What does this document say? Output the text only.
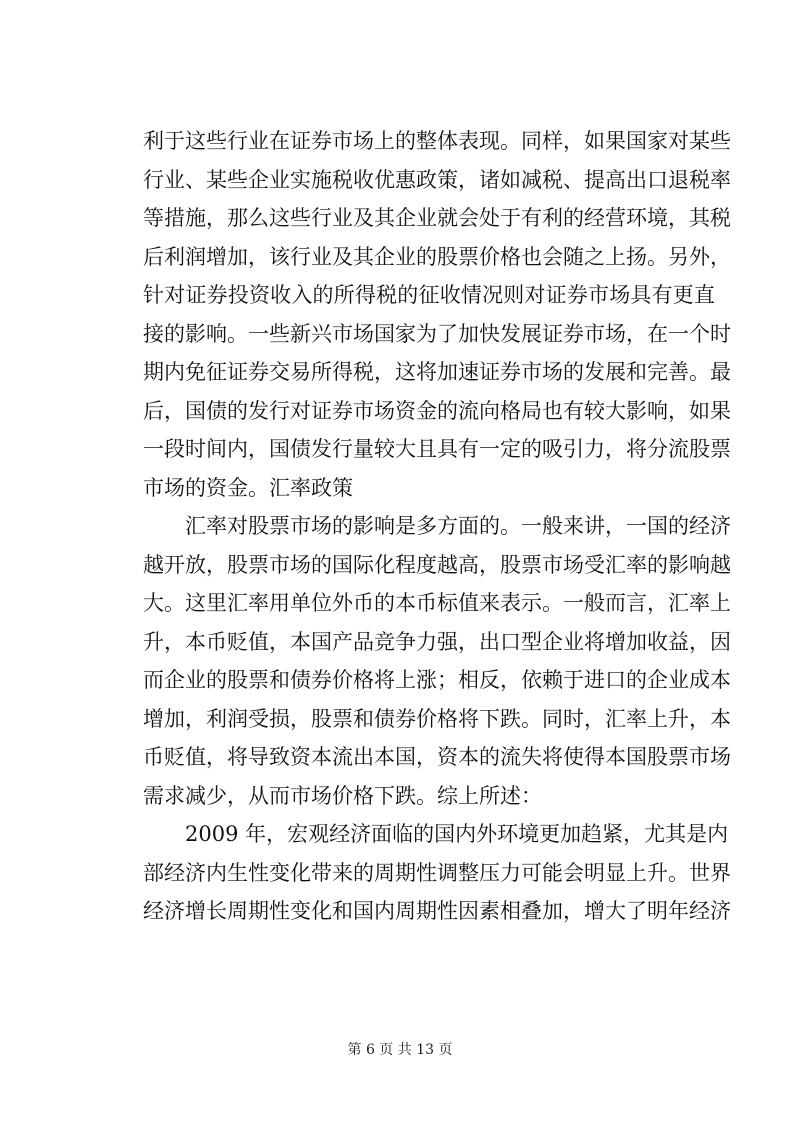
利于这些行业在证券市场上的整体表现。同样，如果国家对某些
行业、某些企业实施税收优惠政策，诸如减税、提高出口退税率
等措施，那么这些行业及其企业就会处于有利的经营环境，其税
后利润增加，该行业及其企业的股票价格也会随之上扬。另外，
针对证券投资收入的所得税的征收情况则对证券市场具有更直
接的影响。一些新兴市场国家为了加快发展证券市场，在一个时
期内免征证券交易所得税，这将加速证券市场的发展和完善。最
后，国债的发行对证券市场资金的流向格局也有较大影响，如果
一段时间内，国债发行量较大且具有一定的吸引力，将分流股票
市场的资金。汇率政策
汇率对股票市场的影响是多方面的。一般来讲，一国的经济
越开放，股票市场的国际化程度越高，股票市场受汇率的影响越
大。这里汇率用单位外币的本币标值来表示。一般而言，汇率上
升，本币贬值，本国产品竞争力强，出口型企业将增加收益，因
而企业的股票和债券价格将上涨；相反，依赖于进口的企业成本
增加，利润受损，股票和债券价格将下跌。同时，汇率上升，本
币贬值，将导致资本流出本国，资本的流失将使得本国股票市场
需求减少，从而市场价格下跌。综上所述：
2009 年，宏观经济面临的国内外环境更加趋紧，尤其是内
部经济内生性变化带来的周期性调整压力可能会明显上升。世界
经济增长周期性变化和国内周期性因素相叠加，增大了明年经济
第 6 页 共 13 页
